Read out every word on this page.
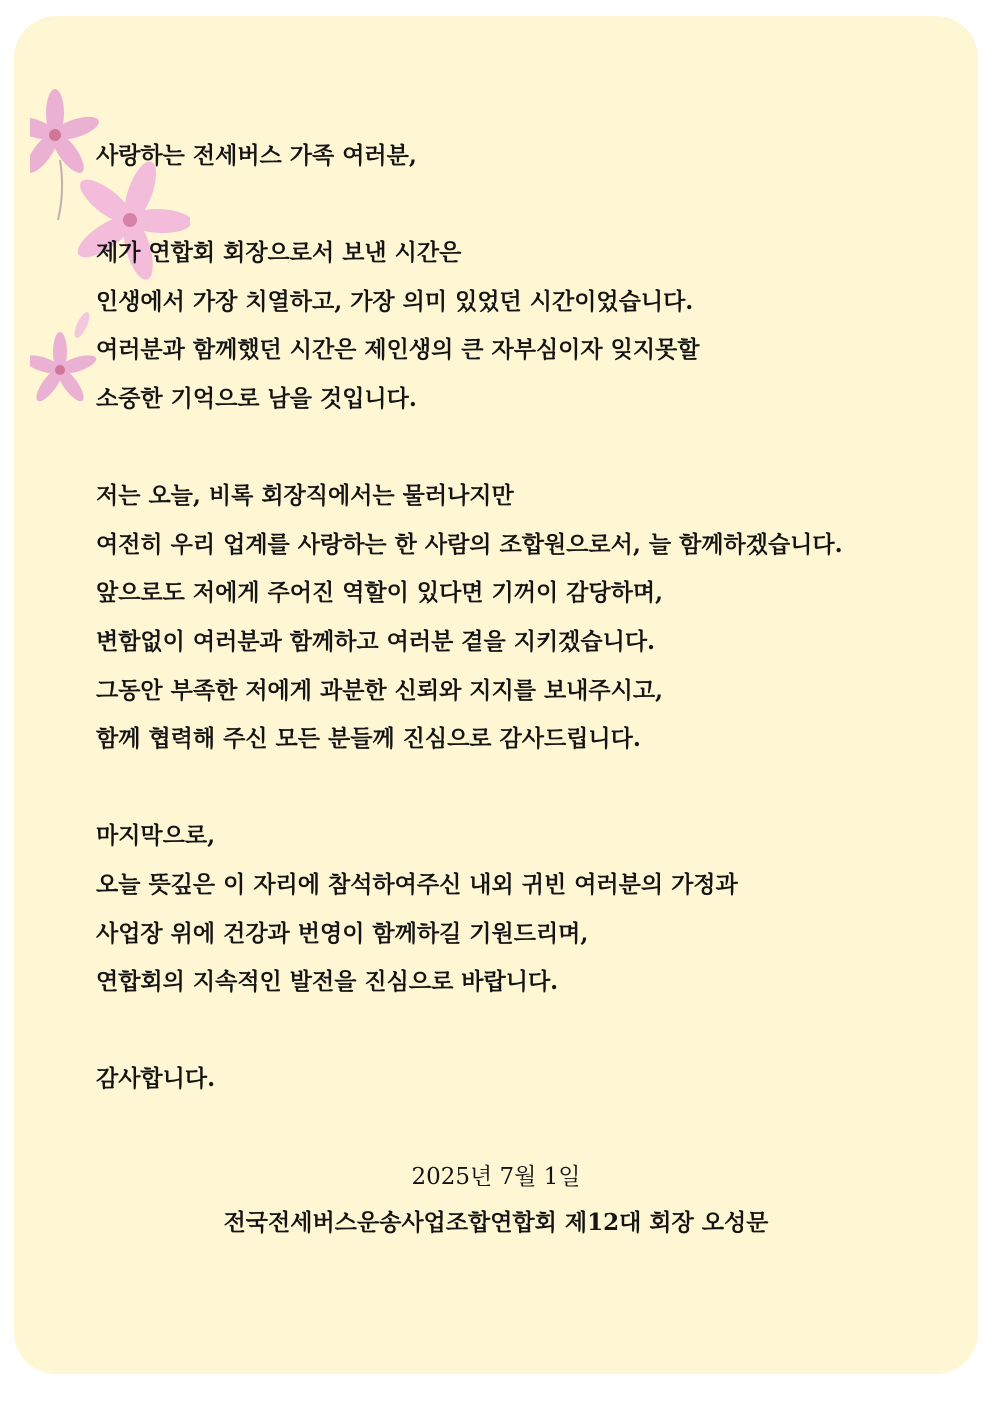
사랑하는 전세버스 가족 여러분,
제가 연합회 회장으로서 보낸 시간은
인생에서 가장 치열하고, 가장 의미 있었던 시간이었습니다.
여러분과 함께했던 시간은 제인생의 큰 자부심이자 잊지못할
소중한 기억으로 남을 것입니다.
저는 오늘, 비록 회장직에서는 물러나지만
여전히 우리 업계를 사랑하는 한 사람의 조합원으로서, 늘 함께하겠습니다.
앞으로도 저에게 주어진 역할이 있다면 기꺼이 감당하며,
변함없이 여러분과 함께하고 여러분 곁을 지키겠습니다.
그동안 부족한 저에게 과분한 신뢰와 지지를 보내주시고,
함께 협력해 주신 모든 분들께 진심으로 감사드립니다.
마지막으로,
오늘 뜻깊은 이 자리에 참석하여주신 내외 귀빈 여러분의 가정과
사업장 위에 건강과 번영이 함께하길 기원드리며,
연합회의 지속적인 발전을 진심으로 바랍니다.
감사합니다.
2025년 7월 1일
전국전세버스운송사업조합연합회 제12대 회장 오성문
